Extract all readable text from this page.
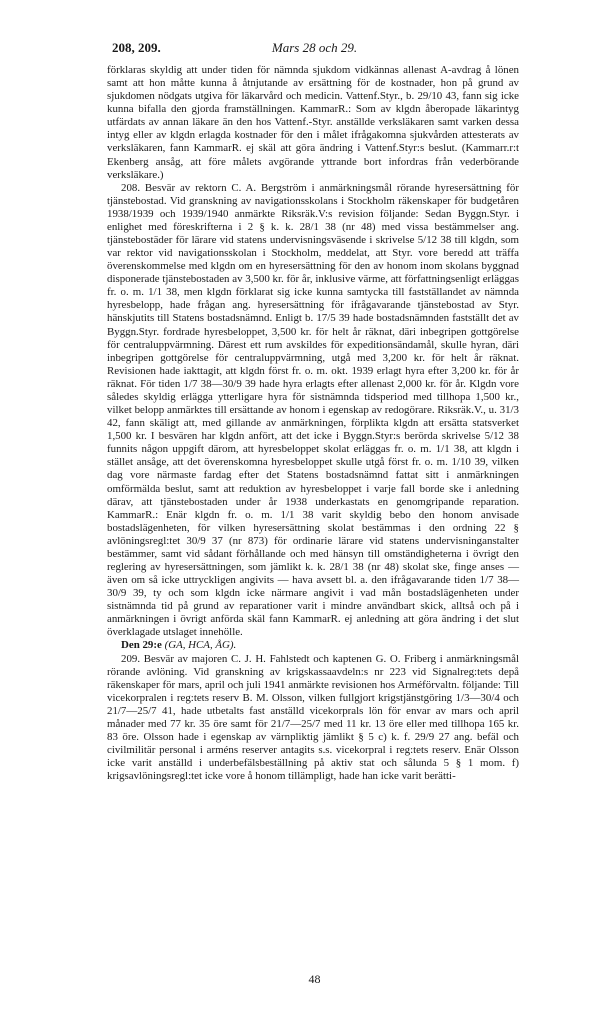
208, 209.	Mars 28 och 29.

förklaras skyldig att under tiden för nämnda sjukdom vidkännas allenast A-avdrag å lönen samt att hon måtte kunna å åtnjutande av ersättning för de kostnader, hon på grund av sjukdomen nödgats utgiva för läkarvård och medicin. Vattenf.Styr., b. 29/10 43, fann sig icke kunna bifalla den gjorda framställningen. KammarR.: Som av klgdn åberopade läkarintyg utfärdats av annan läkare än den hos Vattenf.-Styr. anställde verksläkaren samt varken dessa intyg eller av klgdn erlagda kostnader för den i målet ifrågakomna sjukvården attesterats av verksläkaren, fann KammarR. ej skäl att göra ändring i Vattenf.Styr:s beslut. (Kammarr.r:t Ekenberg ansåg, att före målets avgörande yttrande bort infordras från vederbörande verksläkare.)

208. Besvär av rektorn C. A. Bergström i anmärkningsmål rörande hyresersättning för tjänstebostad. Vid granskning av navigationsskolans i Stockholm räkenskaper för budgetåren 1938/1939 och 1939/1940 anmärkte Riksräk.V:s revision följande: Sedan Byggn.Styr. i enlighet med föreskrifterna i 2 § k. k. 28/1 38 (nr 48) med vissa bestämmelser ang. tjänstebostäder för lärare vid statens undervisningsväsende i skrivelse 5/12 38 till klgdn, som var rektor vid navigationsskolan i Stockholm, meddelat, att Styr. vore beredd att träffa överenskommelse med klgdn om en hyresersättning för den av honom inom skolans byggnad disponerade tjänstebostaden av 3,500 kr. för år, inklusive värme, att författningsenligt erläggas fr. o. m. 1/1 38, men klgdn förklarat sig icke kunna samtycka till fastställandet av nämnda hyresbelopp, hade frågan ang. hyresersättning för ifrågavarande tjänstebostad av Styr. hänskjutits till Statens bostadsnämnd. Enligt b. 17/5 39 hade bostadsnämnden fastställt det av Byggn.Styr. fordrade hyresbeloppet, 3,500 kr. för helt år räknat, däri inbegripen gottgörelse för centraluppvärmning. Därest ett rum avskildes för expeditionsändamål, skulle hyran, däri inbegripen gottgörelse för centraluppvärmning, utgå med 3,200 kr. för helt år räknat. Revisionen hade iakttagit, att klgdn först fr. o. m. okt. 1939 erlagt hyra efter 3,200 kr. för år räknat. För tiden 1/7 38—30/9 39 hade hyra erlagts efter allenast 2,000 kr. för år. Klgdn vore således skyldig erlägga ytterligare hyra för sistnämnda tidsperiod med tillhopa 1,500 kr., vilket belopp anmärktes till ersättande av honom i egenskap av redogörare. Riksräk.V., u. 31/3 42, fann skäligt att, med gillande av anmärkningen, förplikta klgdn att ersätta statsverket 1,500 kr. I besvären har klgdn anfört, att det icke i Byggn.Styr:s berörda skrivelse 5/12 38 funnits någon uppgift därom, att hyresbeloppet skolat erläggas fr. o. m. 1/1 38, att klgdn i stället ansåge, att det överenskomna hyresbeloppet skulle utgå först fr. o. m. 1/10 39, vilken dag vore närmaste fardag efter det Statens bostadsnämnd fattat sitt i anmärkningen omförmälda beslut, samt att reduktion av hyresbeloppet i varje fall borde ske i anledning därav, att tjänstebostaden under år 1938 underkastats en genomgripande reparation. KammarR.: Enär klgdn fr. o. m. 1/1 38 varit skyldig bebo den honom anvisade bostadslägenheten, för vilken hyresersättning skolat bestämmas i den ordning 22 § avlöningsregl:tet 30/9 37 (nr 873) för ordinarie lärare vid statens undervisninganstalter bestämmer, samt vid sådant förhållande och med hänsyn till omständigheterna i övrigt den reglering av hyresersättningen, som jämlikt k. k. 28/1 38 (nr 48) skolat ske, finge anses — även om så icke uttryckligen angivits — hava avsett bl. a. den ifrågavarande tiden 1/7 38—30/9 39, ty och som klgdn icke närmare angivit i vad mån bostadslägenheten under sistnämnda tid på grund av reparationer varit i mindre användbart skick, alltså och på i anmärkningen i övrigt anförda skäl fann KammarR. ej anledning att göra ändring i det slut överklagade utslaget innehölle.

Den 29:e (GA, HCA, ÅG).

209. Besvär av majoren C. J. H. Fahlstedt och kaptenen G. O. Friberg i anmärkningsmål rörande avlöning. Vid granskning av krigskassaavdeln:s nr 223 vid Signalreg:tets depå räkenskaper för mars, april och juli 1941 anmärkte revisionen hos Arméförvaltn. följande: Till vicekorpralen i reg:tets reserv B. M. Olsson, vilken fullgjort krigstjänstgöring 1/3—30/4 och 21/7—25/7 41, hade utbetalts fast anställd vicekorprals lön för envar av mars och april månader med 77 kr. 35 öre samt för 21/7—25/7 med 11 kr. 13 öre eller med tillhopa 165 kr. 83 öre. Olsson hade i egenskap av värnpliktig jämlikt § 5 c) k. f. 29/9 27 ang. befäl och civilmilitär personal i arméns reserver antagits s.s. vicekorpral i reg:tets reserv. Enär Olsson icke varit anställd i underbefälsbeställning på aktiv stat och sålunda 5 § 1 mom. f) krigsavlöningsregl:tet icke vore å honom tillämpligt, hade han icke varit berätti-

48
